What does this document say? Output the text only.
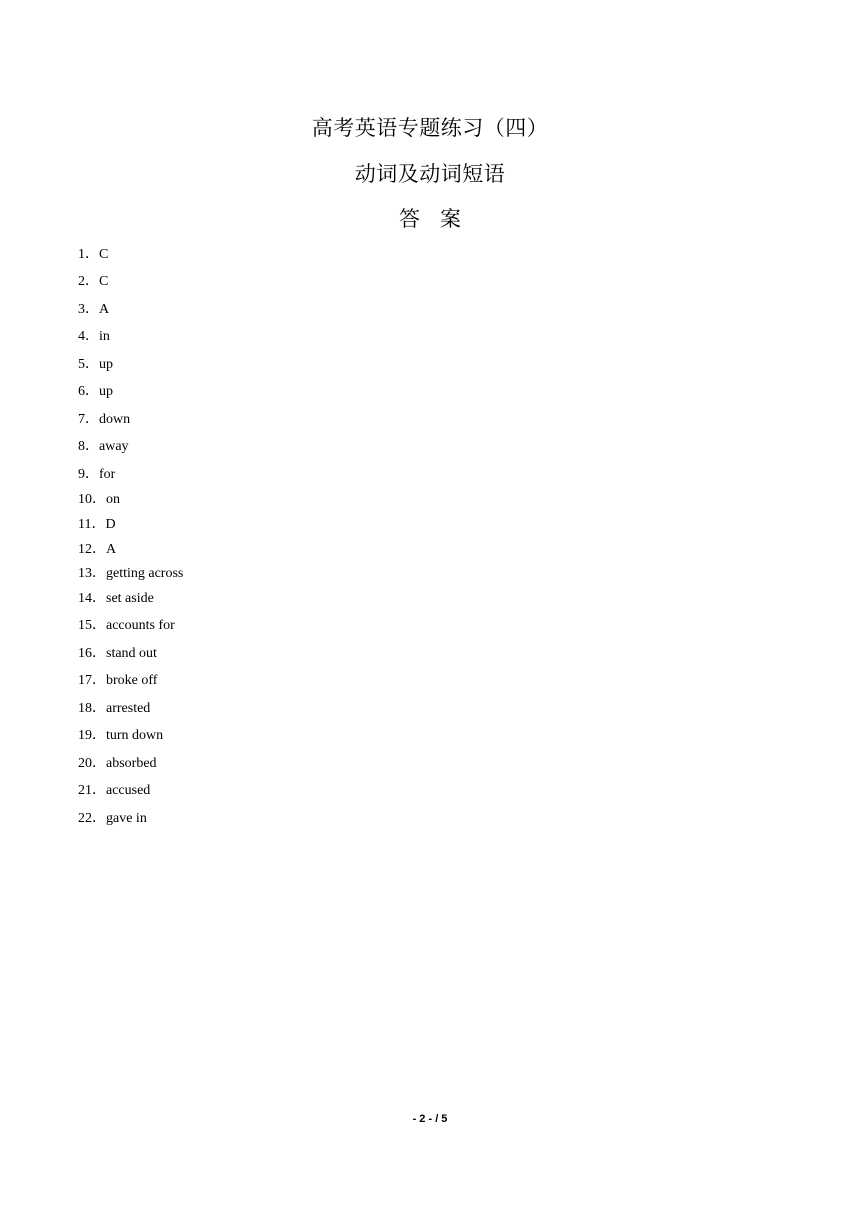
高考英语专题练习（四）
动词及动词短语
答案
1．C
2．C
3．A
4．in
5．up
6．up
7．down
8．away
9．for
10．on
11．D
12．A
13．getting across
14．set aside
15．accounts for
16．stand out
17．broke off
18．arrested
19．turn down
20．absorbed
21．accused
22．gave in
- 2 - / 5
